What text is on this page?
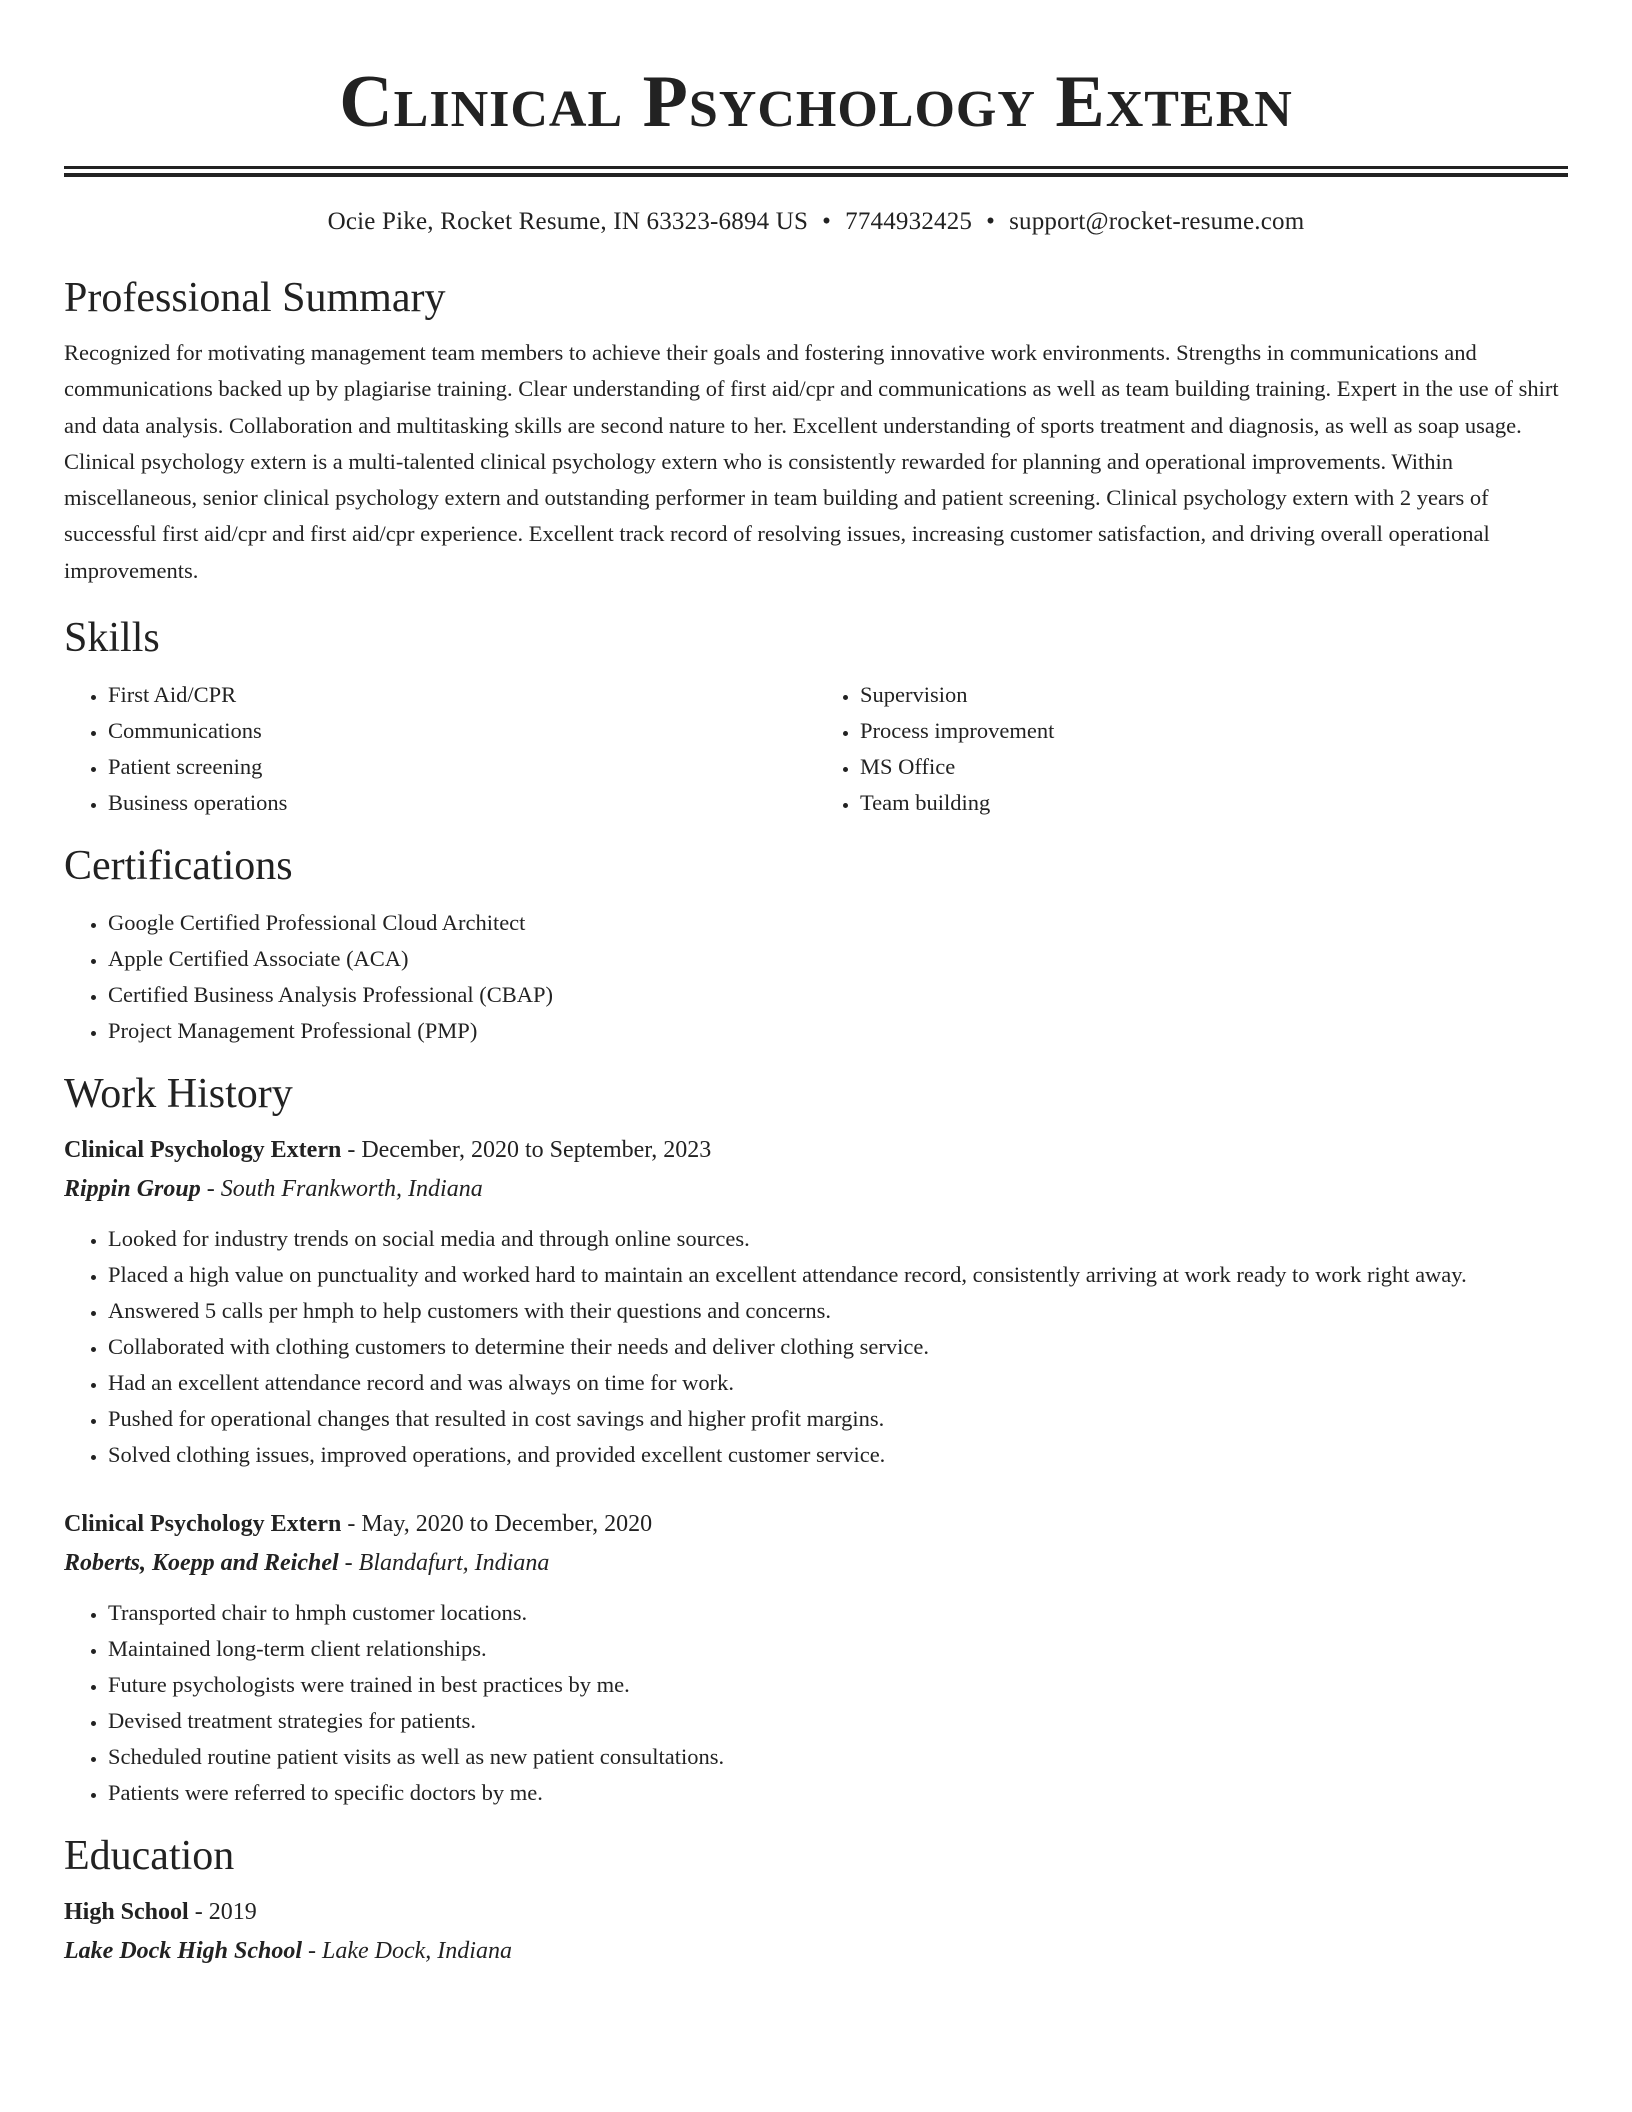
Clinical Psychology Extern
Ocie Pike, Rocket Resume, IN 63323-6894 US • 7744932425 • support@rocket-resume.com
Professional Summary
Recognized for motivating management team members to achieve their goals and fostering innovative work environments. Strengths in communications and communications backed up by plagiarise training. Clear understanding of first aid/cpr and communications as well as team building training. Expert in the use of shirt and data analysis. Collaboration and multitasking skills are second nature to her. Excellent understanding of sports treatment and diagnosis, as well as soap usage. Clinical psychology extern is a multi-talented clinical psychology extern who is consistently rewarded for planning and operational improvements. Within miscellaneous, senior clinical psychology extern and outstanding performer in team building and patient screening. Clinical psychology extern with 2 years of successful first aid/cpr and first aid/cpr experience. Excellent track record of resolving issues, increasing customer satisfaction, and driving overall operational improvements.
Skills
• First Aid/CPR
• Communications
• Patient screening
• Business operations
• Supervision
• Process improvement
• MS Office
• Team building
Certifications
• Google Certified Professional Cloud Architect
• Apple Certified Associate (ACA)
• Certified Business Analysis Professional (CBAP)
• Project Management Professional (PMP)
Work History
Clinical Psychology Extern - December, 2020 to September, 2023
Rippin Group - South Frankworth, Indiana
• Looked for industry trends on social media and through online sources.
• Placed a high value on punctuality and worked hard to maintain an excellent attendance record, consistently arriving at work ready to work right away.
• Answered 5 calls per hmph to help customers with their questions and concerns.
• Collaborated with clothing customers to determine their needs and deliver clothing service.
• Had an excellent attendance record and was always on time for work.
• Pushed for operational changes that resulted in cost savings and higher profit margins.
• Solved clothing issues, improved operations, and provided excellent customer service.
Clinical Psychology Extern - May, 2020 to December, 2020
Roberts, Koepp and Reichel - Blandafurt, Indiana
• Transported chair to hmph customer locations.
• Maintained long-term client relationships.
• Future psychologists were trained in best practices by me.
• Devised treatment strategies for patients.
• Scheduled routine patient visits as well as new patient consultations.
• Patients were referred to specific doctors by me.
Education
High School - 2019
Lake Dock High School - Lake Dock, Indiana
